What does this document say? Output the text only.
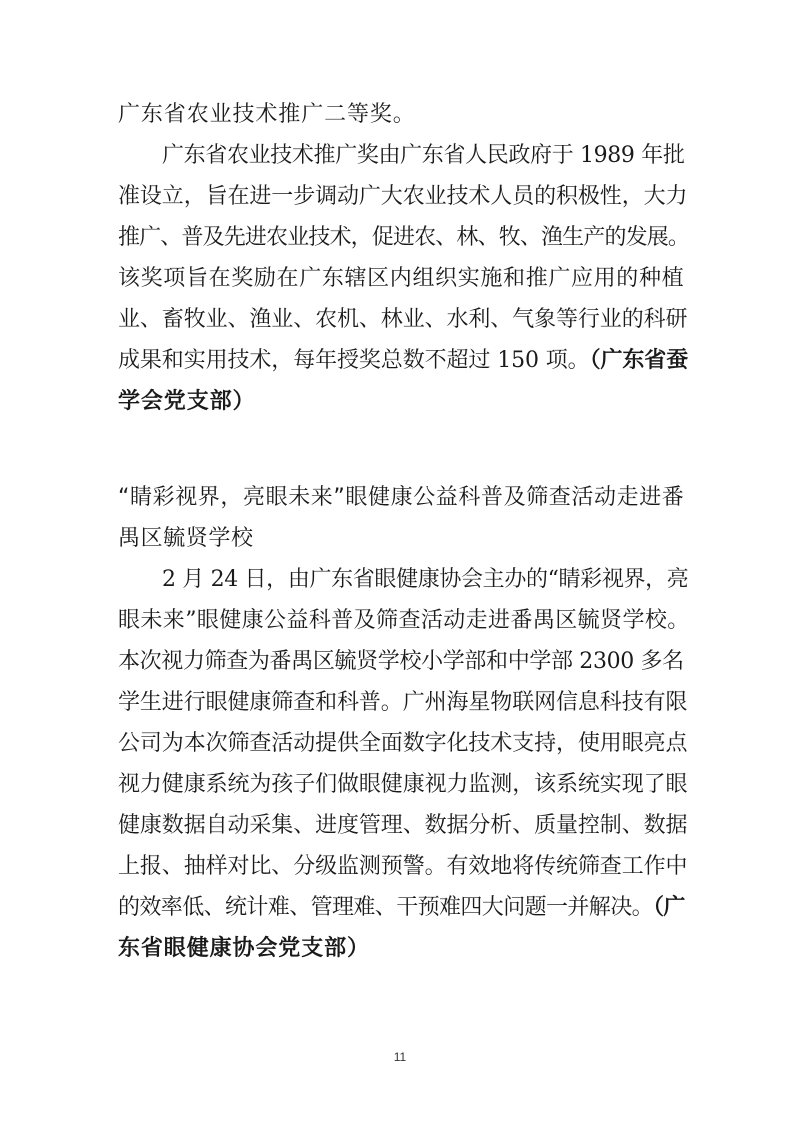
广东省农业技术推广二等奖。
广东省农业技术推广奖由广东省人民政府于 1989 年批
准设立，旨在进一步调动广大农业技术人员的积极性，大力
推广、普及先进农业技术，促进农、林、牧、渔生产的发展。
该奖项旨在奖励在广东辖区内组织实施和推广应用的种植
业、畜牧业、渔业、农机、林业、水利、气象等行业的科研
成果和实用技术，每年授奖总数不超过 150 项。（广东省蚕
学会党支部）
“睛彩视界，亮眼未来”眼健康公益科普及筛查活动走进番
禺区毓贤学校
2 月 24 日，由广东省眼健康协会主办的“睛彩视界，亮
眼未来”眼健康公益科普及筛查活动走进番禺区毓贤学校。
本次视力筛查为番禺区毓贤学校小学部和中学部 2300 多名
学生进行眼健康筛查和科普。广州海星物联网信息科技有限
公司为本次筛查活动提供全面数字化技术支持，使用眼亮点
视力健康系统为孩子们做眼健康视力监测，该系统实现了眼
健康数据自动采集、进度管理、数据分析、质量控制、数据
上报、抽样对比、分级监测预警。有效地将传统筛查工作中
的效率低、统计难、管理难、干预难四大问题一并解决。（广
东省眼健康协会党支部）
11
